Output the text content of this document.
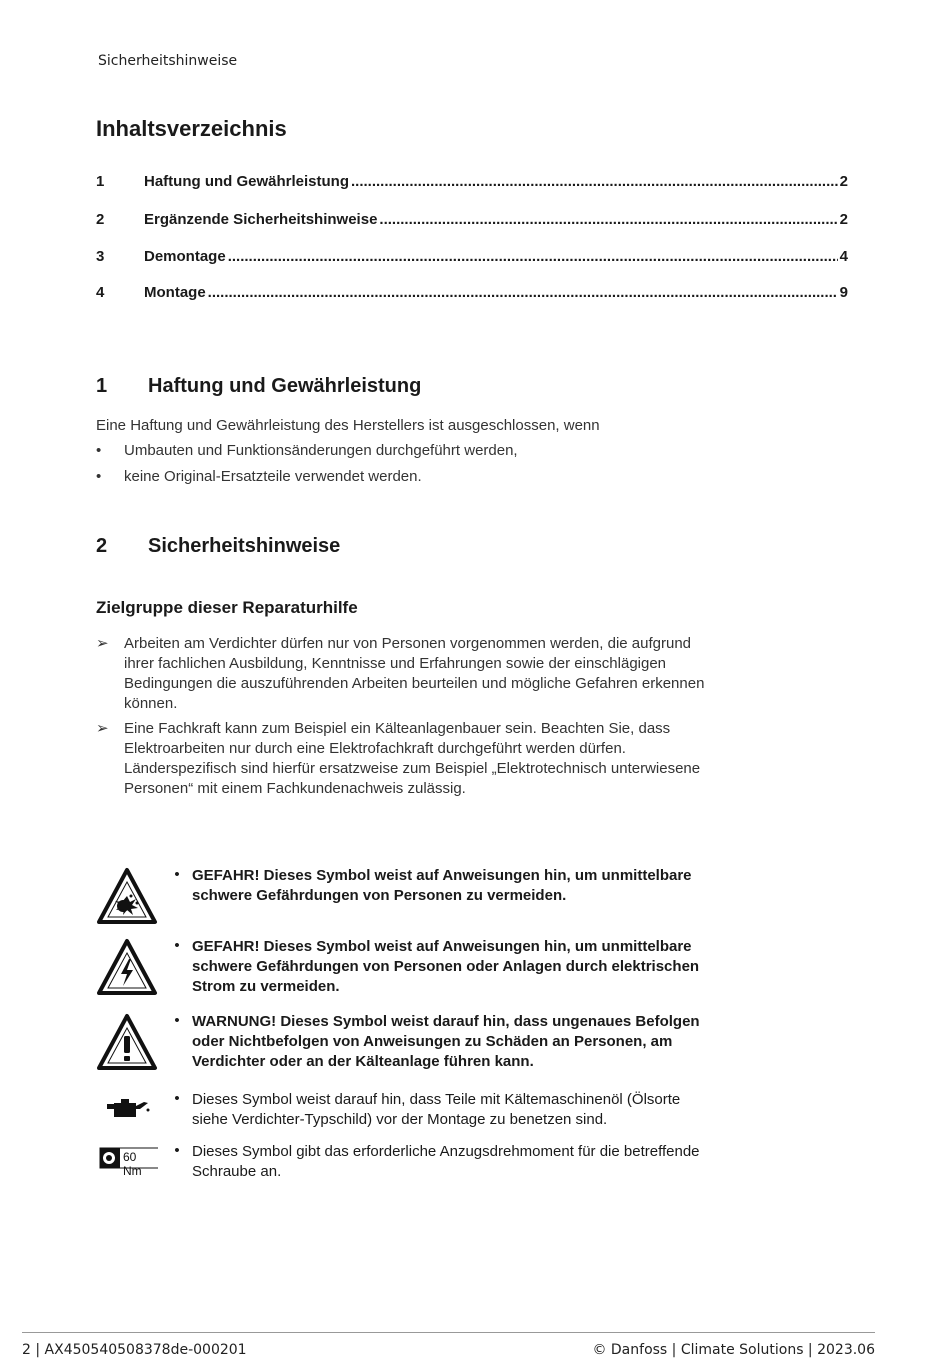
Sicherheitshinweise
Inhaltsverzeichnis
1	Haftung und Gewährleistung .....	2
2	Ergänzende Sicherheitshinweise .....	2
3	Demontage .....	4
4	Montage .....	9
1	Haftung und Gewährleistung
Eine Haftung und Gewährleistung des Herstellers ist ausgeschlossen, wenn
•	Umbauten und Funktionsänderungen durchgeführt werden,
•	keine Original-Ersatzteile verwendet werden.
2	Sicherheitshinweise
Zielgruppe dieser Reparaturhilfe
➢	Arbeiten am Verdichter dürfen nur von Personen vorgenommen werden, die aufgrund ihrer fachlichen Ausbildung, Kenntnisse und Erfahrungen sowie der einschlägigen Bedingungen die auszuführenden Arbeiten beurteilen und mögliche Gefahren erkennen können.
➢	Eine Fachkraft kann zum Beispiel ein Kälteanlagenbauer sein. Beachten Sie, dass Elektroarbeiten nur durch eine Elektrofachkraft durchgeführt werden dürfen. Länderspezifisch sind hierfür ersatzweise zum Beispiel „Elektrotechnisch unterwiesene Personen“ mit einem Fachkundenachweis zulässig.
• GEFAHR! Dieses Symbol weist auf Anweisungen hin, um unmittelbare schwere Gefährdungen von Personen zu vermeiden.
• GEFAHR! Dieses Symbol weist auf Anweisungen hin, um unmittelbare schwere Gefährdungen von Personen oder Anlagen durch elektrischen Strom zu vermeiden.
• WARNUNG! Dieses Symbol weist darauf hin, dass ungenaues Befolgen oder Nichtbefolgen von Anweisungen zu Schäden an Personen, am Verdichter oder an der Kälteanlage führen kann.
• Dieses Symbol weist darauf hin, dass Teile mit Kältemaschinenöl (Ölsorte siehe Verdichter-Typschild) vor der Montage zu benetzen sind.
60 Nm
• Dieses Symbol gibt das erforderliche Anzugsdrehmoment für die betreffende Schraube an.
2 | AX450540508378de-000201	© Danfoss | Climate Solutions | 2023.06
